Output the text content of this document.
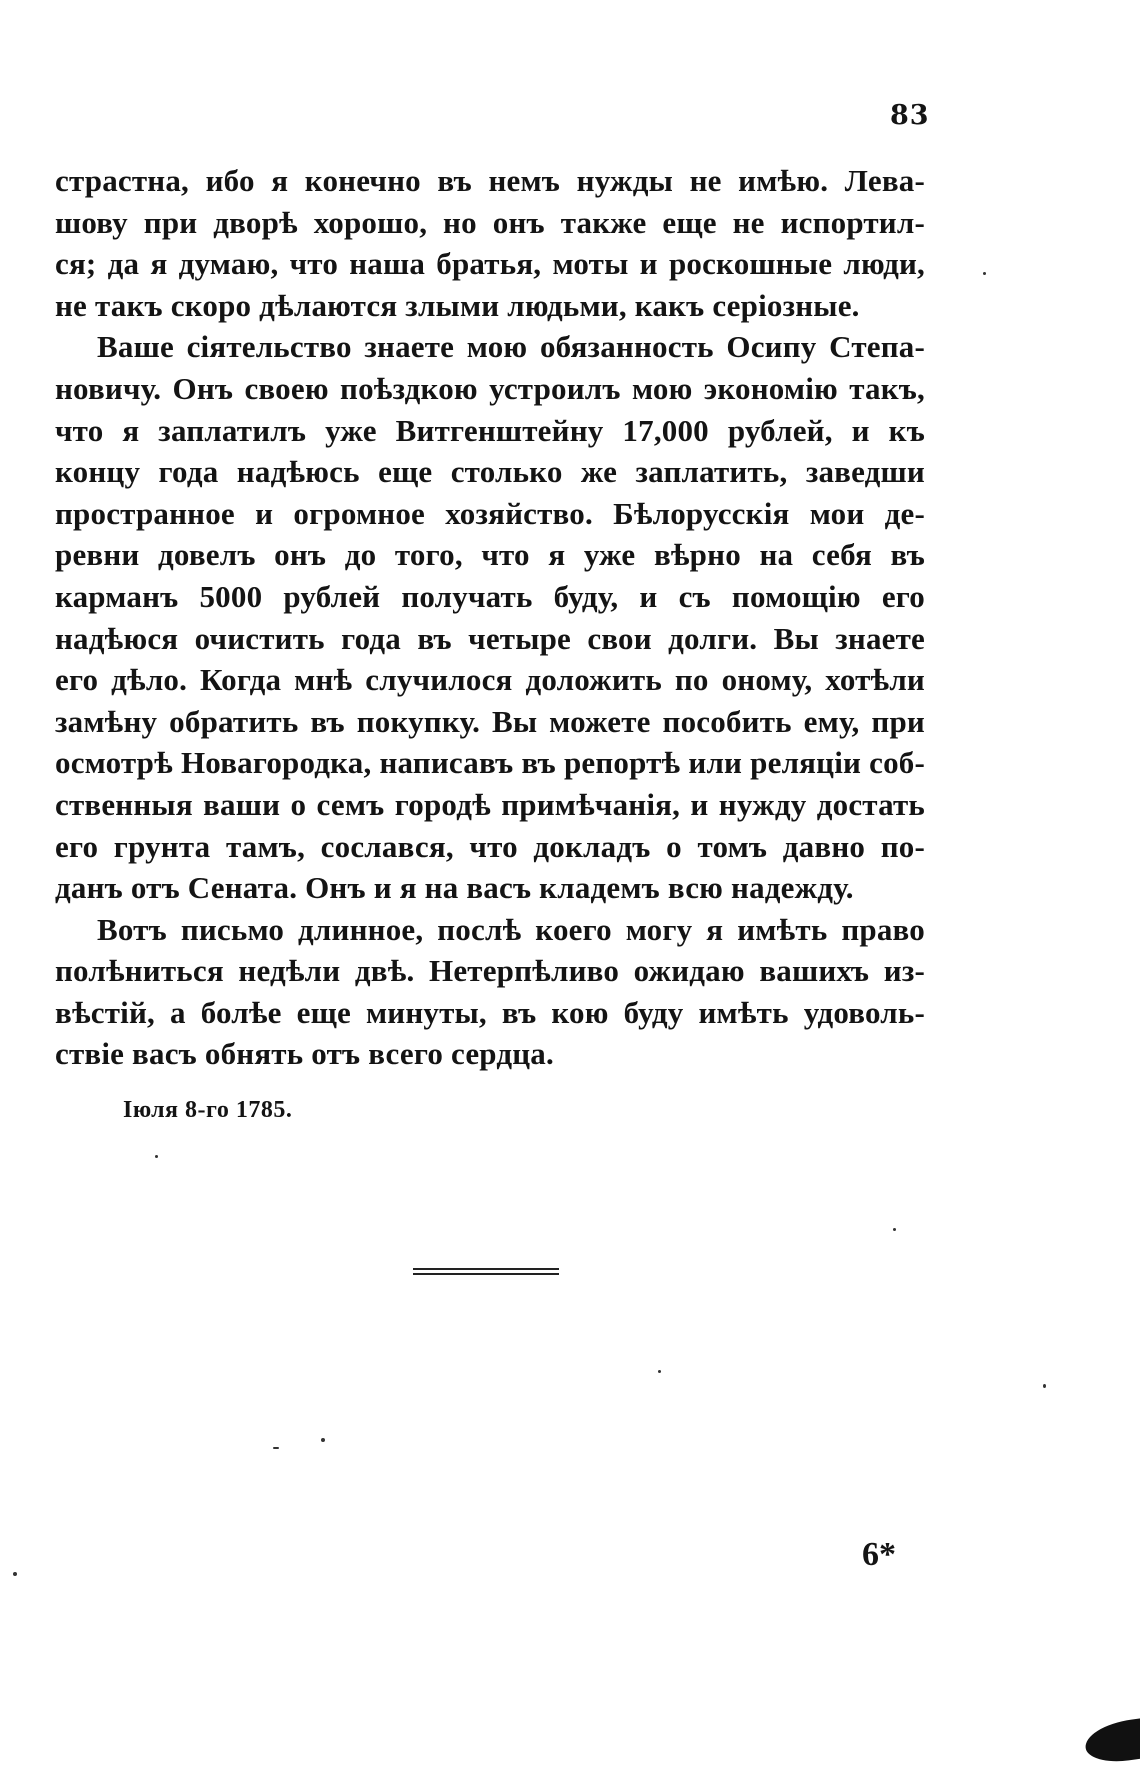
83
страстна, ибо я конечно въ немъ нужды не имѣю. Лева-
шову при дворѣ хорошо, но онъ также еще не испортил-
ся; да я думаю, что наша братья, моты и роскошные люди,
не такъ скоро дѣлаются злыми людьми, какъ серіозные.
Ваше сіятельство знаете мою обязанность Осипу Степа-
новичу. Онъ своею поѣздкою устроилъ мою экономію такъ,
что я заплатилъ уже Витгенштейну 17,000 рублей, и къ
концу года надѣюсь еще столько же заплатить, заведши
пространное и огромное хозяйство. Бѣлорусскія мои де-
ревни довелъ онъ до того, что я уже вѣрно на себя въ
карманъ 5000 рублей получать буду, и съ помощію его
надѣюся очистить года въ четыре свои долги. Вы знаете
его дѣло. Когда мнѣ случилося доложить по оному, хотѣли
замѣну обратить въ покупку. Вы можете пособить ему, при
осмотрѣ Новагородка, написавъ въ репортѣ или реляціи соб-
ственныя ваши о семъ городѣ примѣчанія, и нужду достать
его грунта тамъ, сослався, что докладъ о томъ давно по-
данъ отъ Сената. Онъ и я на васъ кладемъ всю надежду.
Вотъ письмо длинное, послѣ коего могу я имѣть право
полѣниться недѣли двѣ. Нетерпѣливо ожидаю вашихъ из-
вѣстій, а болѣе еще минуты, въ кою буду имѣть удоволь-
ствіе васъ обнять отъ всего сердца.
Іюля 8-го 1785.
6*
